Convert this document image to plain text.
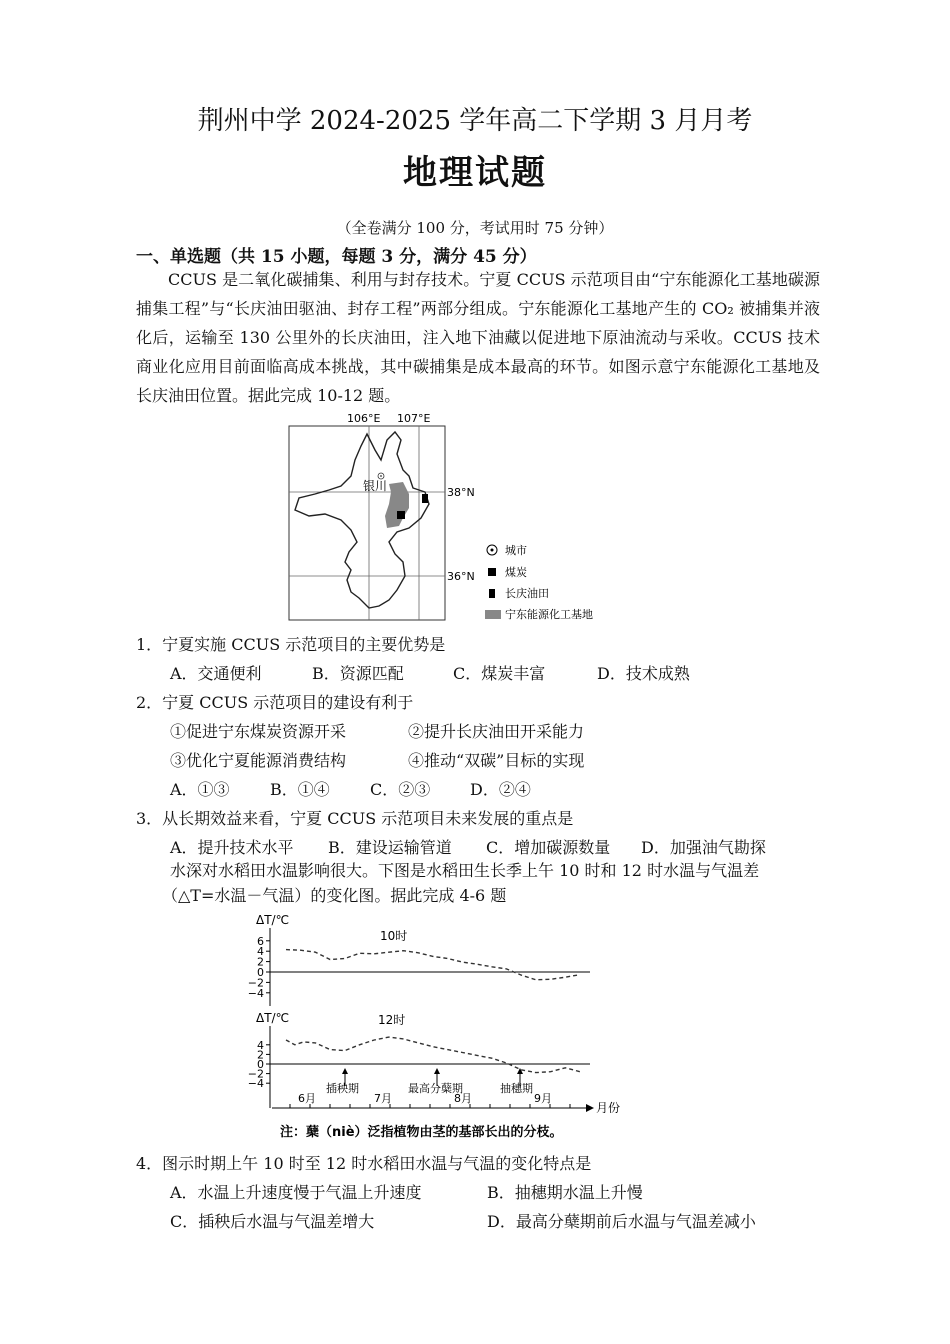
荆州中学 2024-2025 学年高二下学期 3 月月考
地理试题
（全卷满分 100 分，考试用时 75 分钟）
一、单选题（共 15 小题，每题 3 分，满分 45 分）
CCUS 是二氧化碳捕集、利用与封存技术。宁夏 CCUS 示范项目由“宁东能源化工基地碳源捕集工程”与“长庆油田驱油、封存工程”两部分组成。宁东能源化工基地产生的 CO₂ 被捕集并液化后，运输至 130 公里外的长庆油田，注入地下油藏以促进地下原油流动与采收。CCUS 技术商业化应用目前面临高成本挑战，其中碳捕集是成本最高的环节。如图示意宁东能源化工基地及长庆油田位置。据此完成 10-12 题。
106°E 107°E
38°N
36°N
银川
城市
煤炭
长庆油田
宁东能源化工基地
1．宁夏实施 CCUS 示范项目的主要优势是
A．交通便利	B．资源匹配	C．煤炭丰富	D．技术成熟
2．宁夏 CCUS 示范项目的建设有利于
①促进宁东煤炭资源开采	②提升长庆油田开采能力
③优化宁夏能源消费结构	④推动“双碳”目标的实现
A．①③	B．①④	C．②③ D．②④
3．从长期效益来看，宁夏 CCUS 示范项目未来发展的重点是
A．提升技术水平 B．建设运输管道 C．增加碳源数量 D．加强油气勘探
水深对水稻田水温影响很大。下图是水稻田生长季上午 10 时和 12 时水温与气温差
（△T=水温－气温）的变化图。据此完成 4-6 题
ΔT/℃
6
4
2
0
−2
−4
10时
ΔT/℃
4
2
0
−2
−4
12时
月份
6月	7月	8月	9月
插秧期	最高分蘖期	抽穗期
注：蘖（niè）泛指植物由茎的基部长出的分枝。
4．图示时期上午 10 时至 12 时水稻田水温与气温的变化特点是
A．水温上升速度慢于气温上升速度	B．抽穗期水温上升慢
C．插秧后水温与气温差增大	D．最高分蘖期前后水温与气温差减小
